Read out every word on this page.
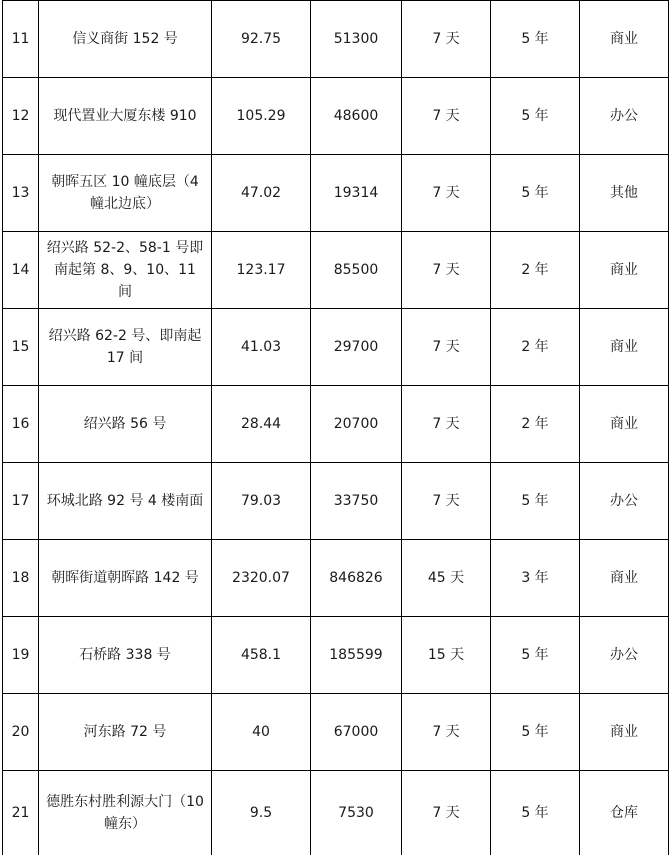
11	信义商街 152 号	92.75	51300	7 天	5 年	商业
12	现代置业大厦东楼 910	105.29	48600	7 天	5 年	办公
13	朝晖五区 10 幢底层（4 幢北边底）	47.02	19314	7 天	5 年	其他
14	绍兴路 52-2、58-1 号即南起第 8、9、10、11 间	123.17	85500	7 天	2 年	商业
15	绍兴路 62-2 号、即南起 17 间	41.03	29700	7 天	2 年	商业
16	绍兴路 56 号	28.44	20700	7 天	2 年	商业
17	环城北路 92 号 4 楼南面	79.03	33750	7 天	5 年	办公
18	朝晖街道朝晖路 142 号	2320.07	846826	45 天	3 年	商业
19	石桥路 338 号	458.1	185599	15 天	5 年	办公
20	河东路 72 号	40	67000	7 天	5 年	商业
21	德胜东村胜利源大门（10 幢东）	9.5	7530	7 天	5 年	仓库
